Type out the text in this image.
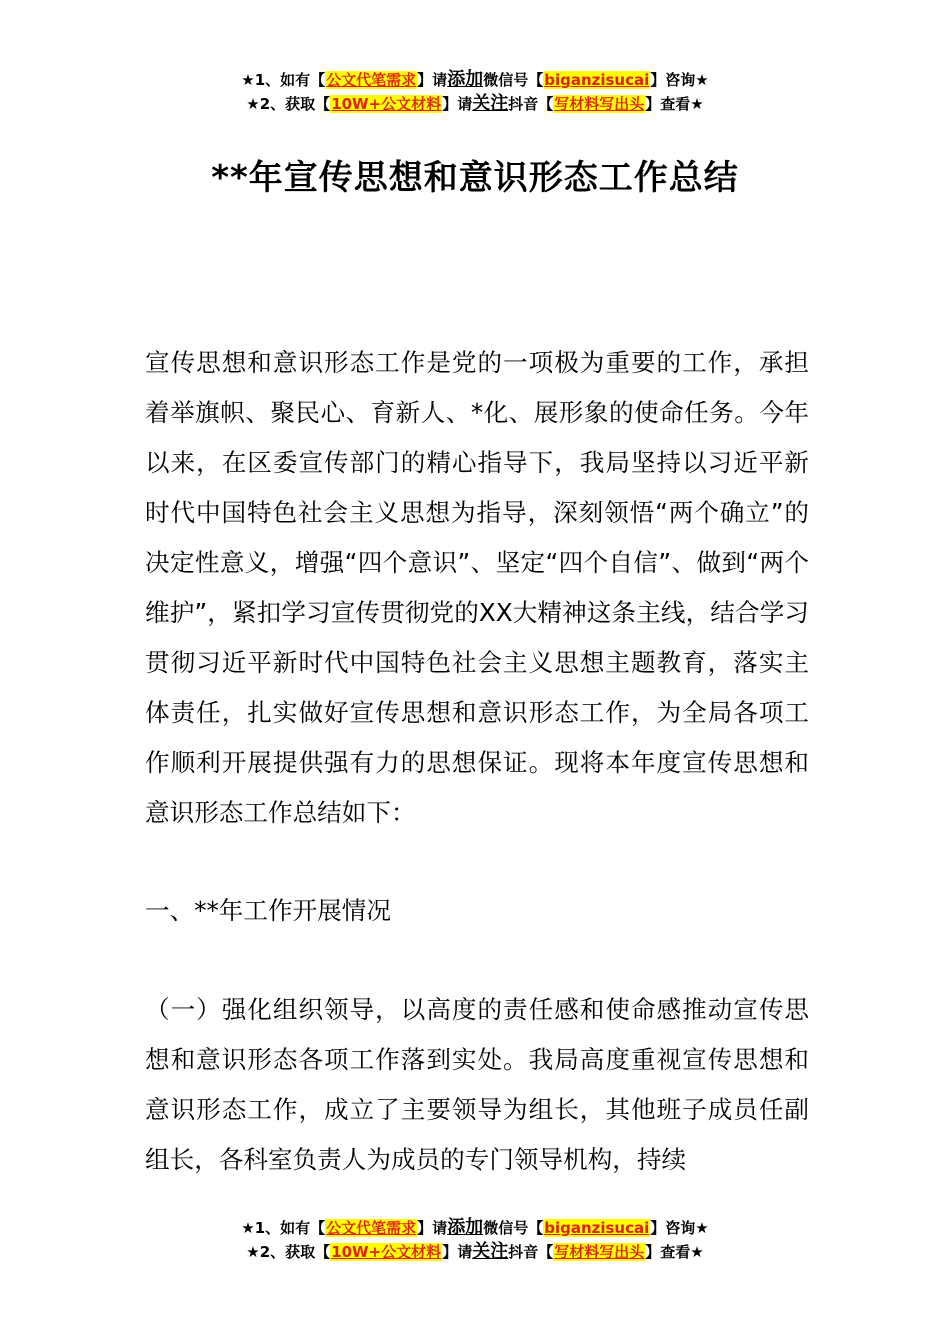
★1、如有【公文代笔需求】请添加微信号【biganzisucai】咨询★
★2、获取【10W+公文材料】请关注抖音【写材料写出头】查看★
**年宣传思想和意识形态工作总结

宣传思想和意识形态工作是党的一项极为重要的工作，承担着举旗帜、聚民心、育新人、*化、展形象的使命任务。今年以来，在区委宣传部门的精心指导下，我局坚持以习近平新时代中国特色社会主义思想为指导，深刻领悟“两个确立”的决定性意义，增强“四个意识”、坚定“四个自信”、做到“两个维护”，紧扣学习宣传贯彻党的XX大精神这条主线，结合学习贯彻习近平新时代中国特色社会主义思想主题教育，落实主体责任，扎实做好宣传思想和意识形态工作，为全局各项工作顺利开展提供强有力的思想保证。现将本年度宣传思想和意识形态工作总结如下：

一、**年工作开展情况

（一）强化组织领导，以高度的责任感和使命感推动宣传思想和意识形态各项工作落到实处。我局高度重视宣传思想和意识形态工作，成立了主要领导为组长，其他班子成员任副组长，各科室负责人为成员的专门领导机构，持续

★1、如有【公文代笔需求】请添加微信号【biganzisucai】咨询★
★2、获取【10W+公文材料】请关注抖音【写材料写出头】查看★
